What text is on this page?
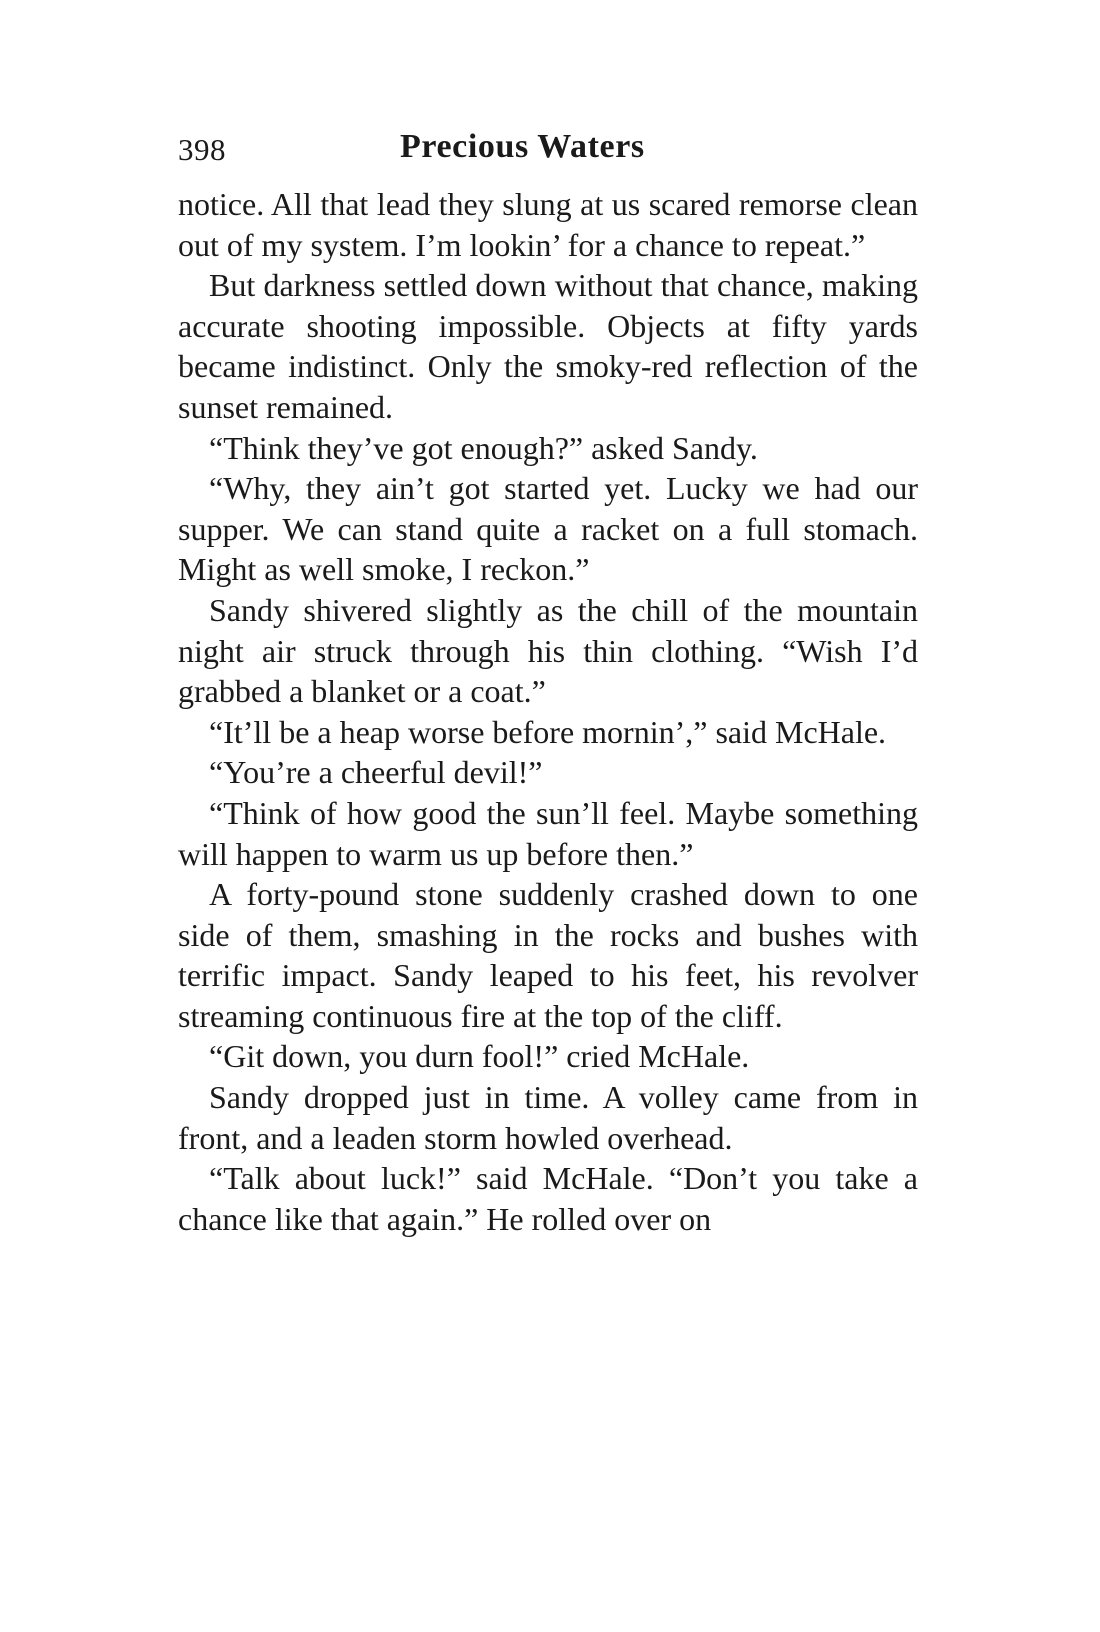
398	Precious Waters

notice. All that lead they slung at us scared remorse clean out of my system. I’m lookin’ for a chance to repeat.”

But darkness settled down without that chance, making accurate shooting impossible. Objects at fifty yards became indistinct. Only the smoky-red reflection of the sunset remained.

“Think they’ve got enough?” asked Sandy.

“Why, they ain’t got started yet. Lucky we had our supper. We can stand quite a racket on a full stomach. Might as well smoke, I reckon.”

Sandy shivered slightly as the chill of the mountain night air struck through his thin clothing. “Wish I’d grabbed a blanket or a coat.”

“It’ll be a heap worse before mornin’,” said McHale.

“You’re a cheerful devil!”

“Think of how good the sun’ll feel. Maybe something will happen to warm us up before then.”

A forty-pound stone suddenly crashed down to one side of them, smashing in the rocks and bushes with terrific impact. Sandy leaped to his feet, his revolver streaming continuous fire at the top of the cliff.

“Git down, you durn fool!” cried McHale.

Sandy dropped just in time. A volley came from in front, and a leaden storm howled overhead.

“Talk about luck!” said McHale. “Don’t you take a chance like that again.” He rolled over on
